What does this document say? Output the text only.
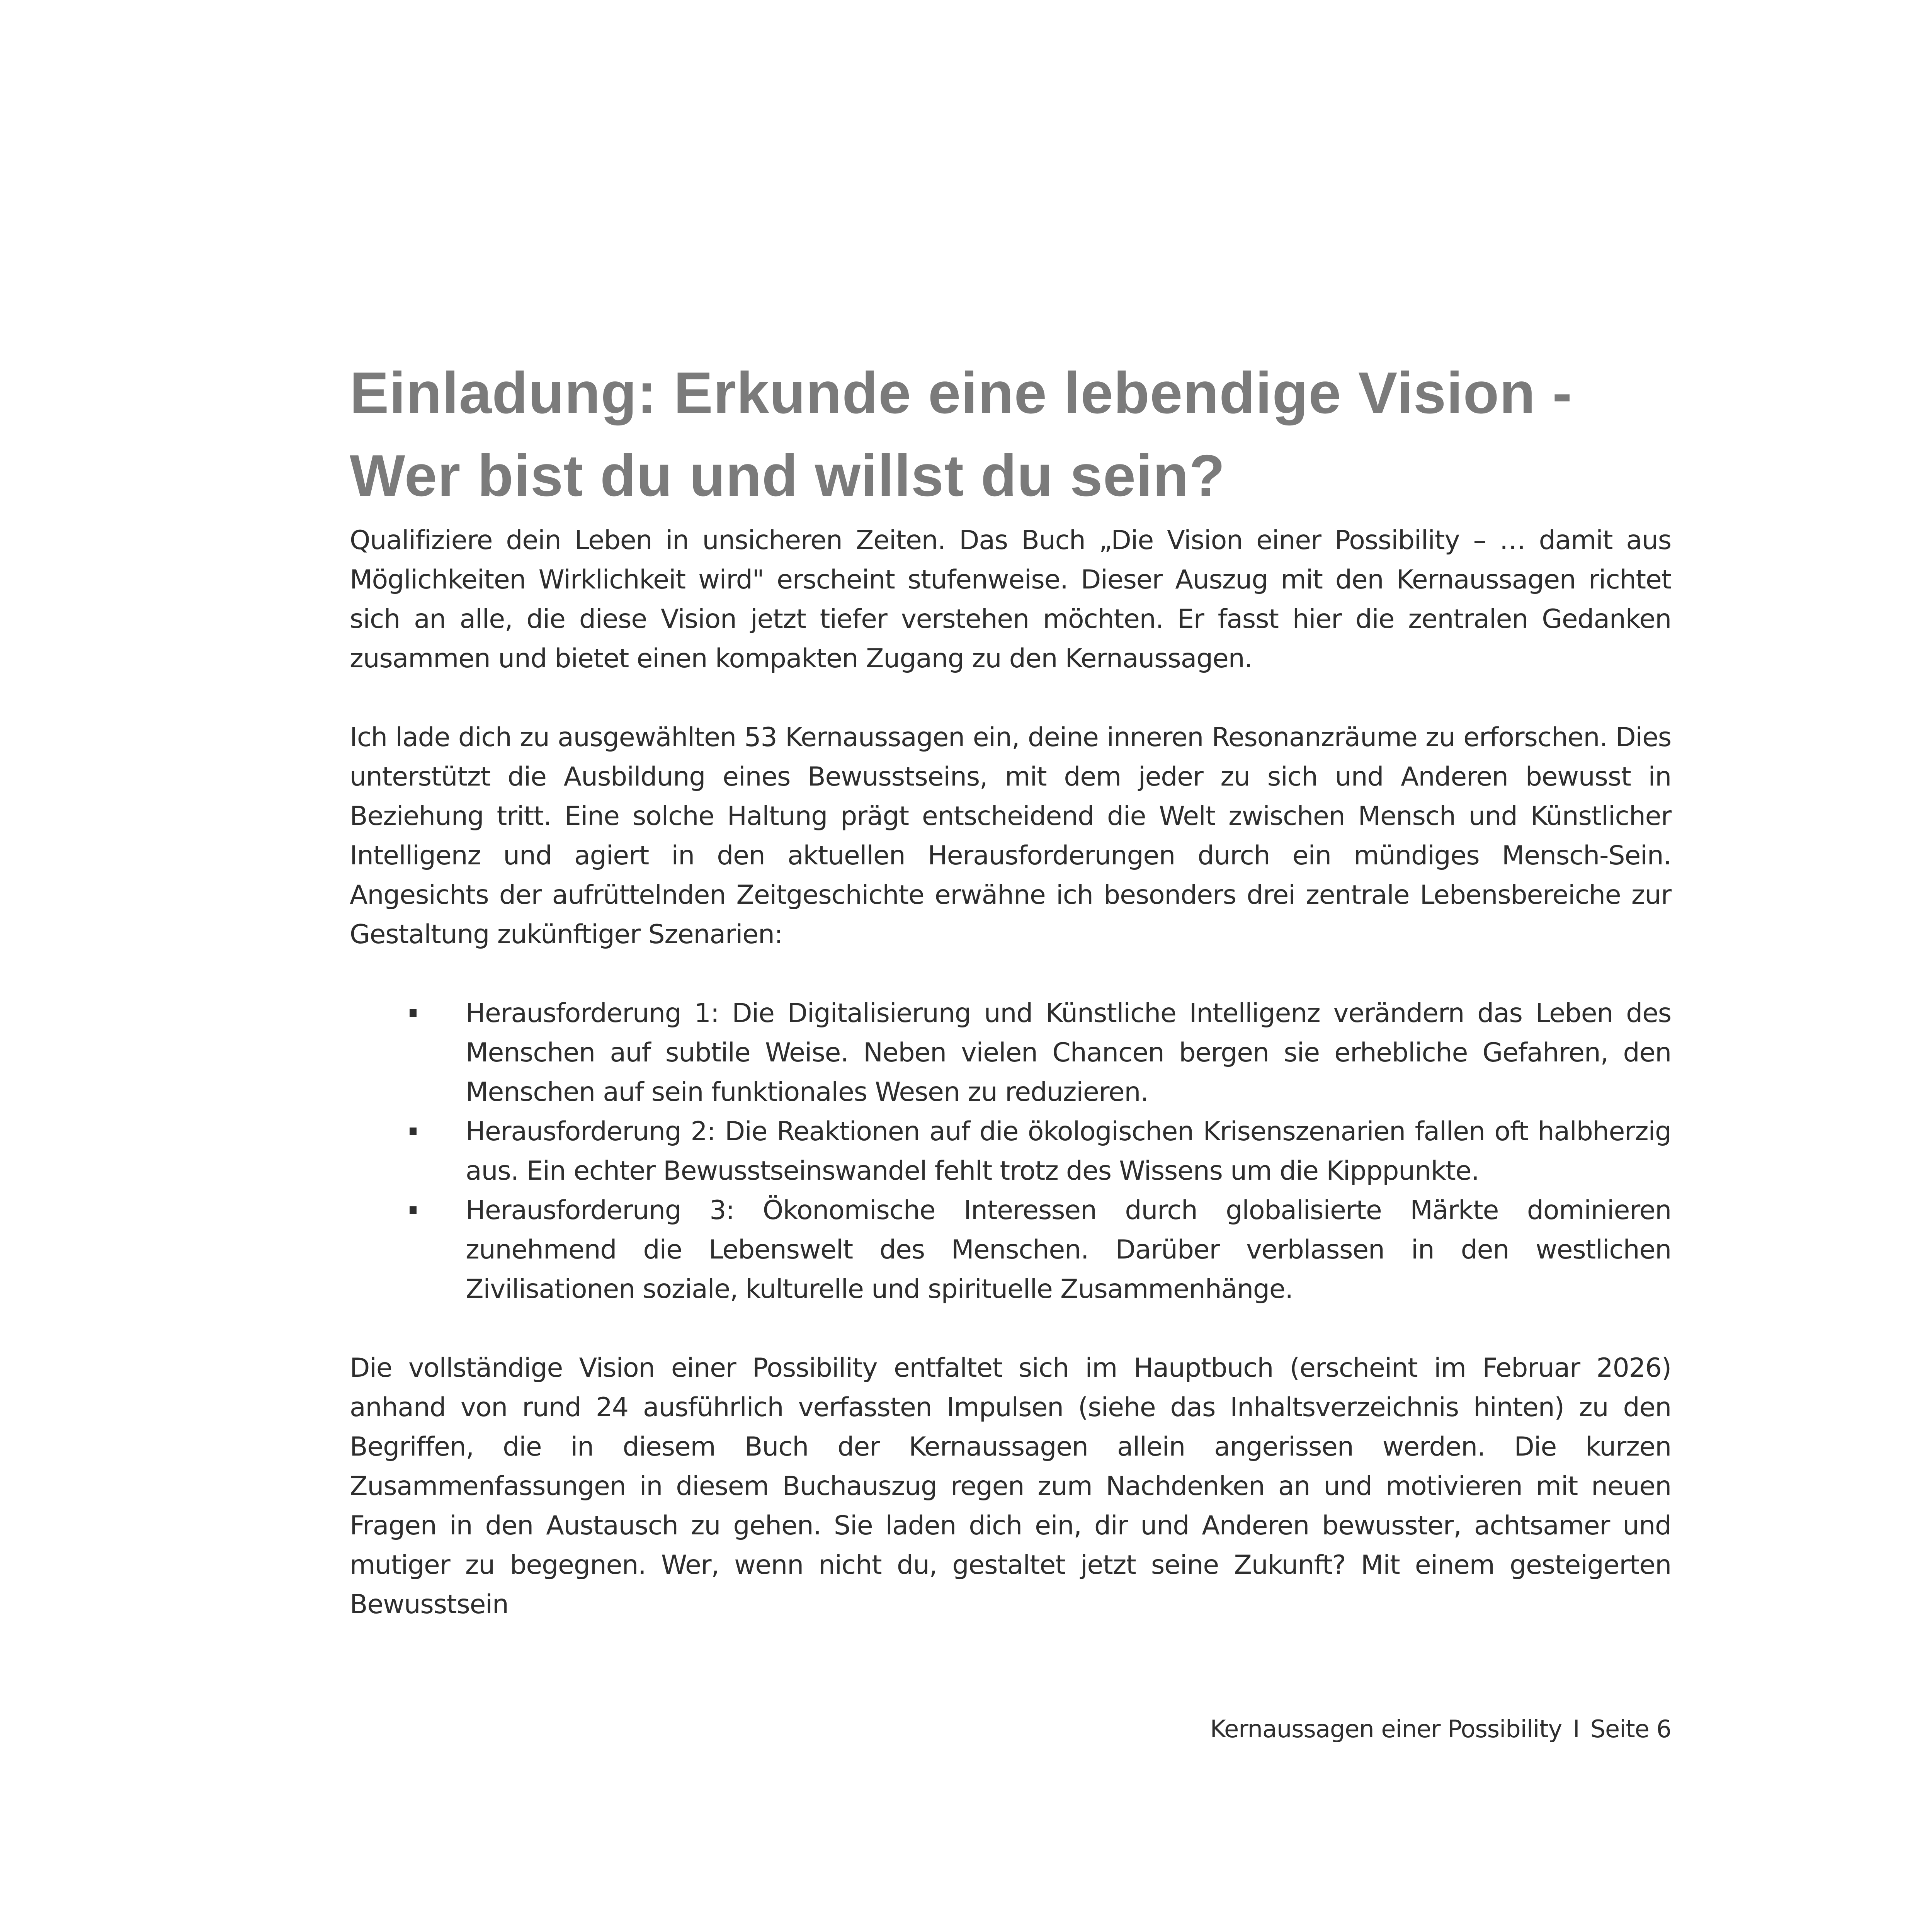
Einladung: Erkunde eine lebendige Vision -
Wer bist du und willst du sein?

Qualifiziere dein Leben in unsicheren Zeiten. Das Buch „Die Vision einer Possibility – … damit aus Möglichkeiten Wirklichkeit wird" erscheint stufenweise. Dieser Auszug mit den Kernaussagen richtet sich an alle, die diese Vision jetzt tiefer verstehen möchten. Er fasst hier die zentralen Gedanken zusammen und bietet einen kompakten Zugang zu den Kernaussagen.

Ich lade dich zu ausgewählten 53 Kernaussagen ein, deine inneren Resonanzräume zu erforschen. Dies unterstützt die Ausbildung eines Bewusstseins, mit dem jeder zu sich und Anderen bewusst in Beziehung tritt. Eine solche Haltung prägt entscheidend die Welt zwischen Mensch und Künstlicher Intelligenz und agiert in den aktuellen Herausforderungen durch ein mündiges Mensch-Sein. Angesichts der aufrüttelnden Zeitgeschichte erwähne ich besonders drei zentrale Lebensbereiche zur Gestaltung zukünftiger Szenarien:

Herausforderung 1: Die Digitalisierung und Künstliche Intelligenz verändern das Leben des Menschen auf subtile Weise. Neben vielen Chancen bergen sie erhebliche Gefahren, den Menschen auf sein funktionales Wesen zu reduzieren.

Herausforderung 2: Die Reaktionen auf die ökologischen Krisenszenarien fallen oft halbherzig aus. Ein echter Bewusstseinswandel fehlt trotz des Wissens um die Kipppunkte.

Herausforderung 3: Ökonomische Interessen durch globalisierte Märkte dominieren zunehmend die Lebenswelt des Menschen. Darüber verblassen in den westlichen Zivilisationen soziale, kulturelle und spirituelle Zusammenhänge.

Die vollständige Vision einer Possibility entfaltet sich im Hauptbuch (erscheint im Februar 2026) anhand von rund 24 ausführlich verfassten Impulsen (siehe das Inhaltsverzeichnis hinten) zu den Begriffen, die in diesem Buch der Kernaussagen allein angerissen werden. Die kurzen Zusammenfassungen in diesem Buchauszug regen zum Nachdenken an und motivieren mit neuen Fragen in den Austausch zu gehen. Sie laden dich ein, dir und Anderen bewusster, achtsamer und mutiger zu begegnen. Wer, wenn nicht du, gestaltet jetzt seine Zukunft? Mit einem gesteigerten Bewusstsein

Kernaussagen einer Possibility I Seite 6
